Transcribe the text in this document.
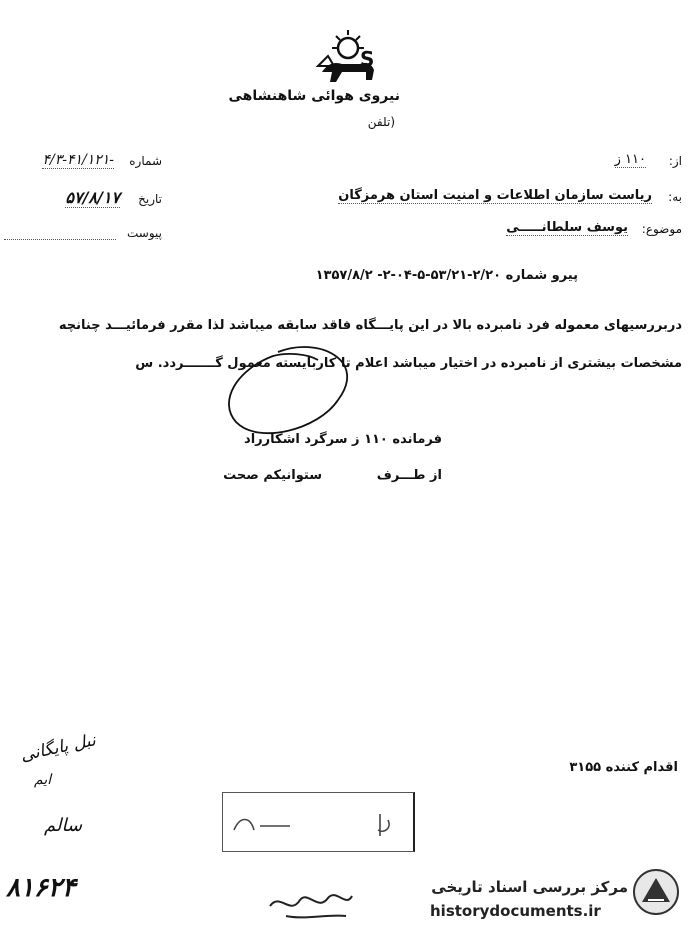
S
نیروی هوائی شاهنشاهی
(تلفن
شماره
۴/۳-۴۱/۱۲۱-
تاریخ
۵۷/۸/۱۷
پیوست
از:
۱۱۰ ز
به:
ریاست سازمان اطلاعات و امنیت استان هرمزگان
موضوع:
یوسف سلطانـــــی
پیرو شماره ۲/۲۰-۵۳/۲۱-۵-۰۴-۲- ۱۳۵۷/۸/۲
دربررسیهای معموله فرد نامبرده بالا در این پایـــگاه فاقد سابقه میباشد لذا مقرر فرمائیـــد چنانچه
مشخصات بیشتری از نامبرده در اختیار میباشد اعلام تا کاربایسته معمول گـــــــردد. س
فرمانده ۱۱۰ ز سرگرد اشکارراد
از طـــرف
ستوانیکم صحت
اقدام کننده ۳۱۵۵
نبل پایگانی
ایم
سالم
۸۱۶۲۴	مرکز بررسی اسناد تاریخی
historydocuments.ir
